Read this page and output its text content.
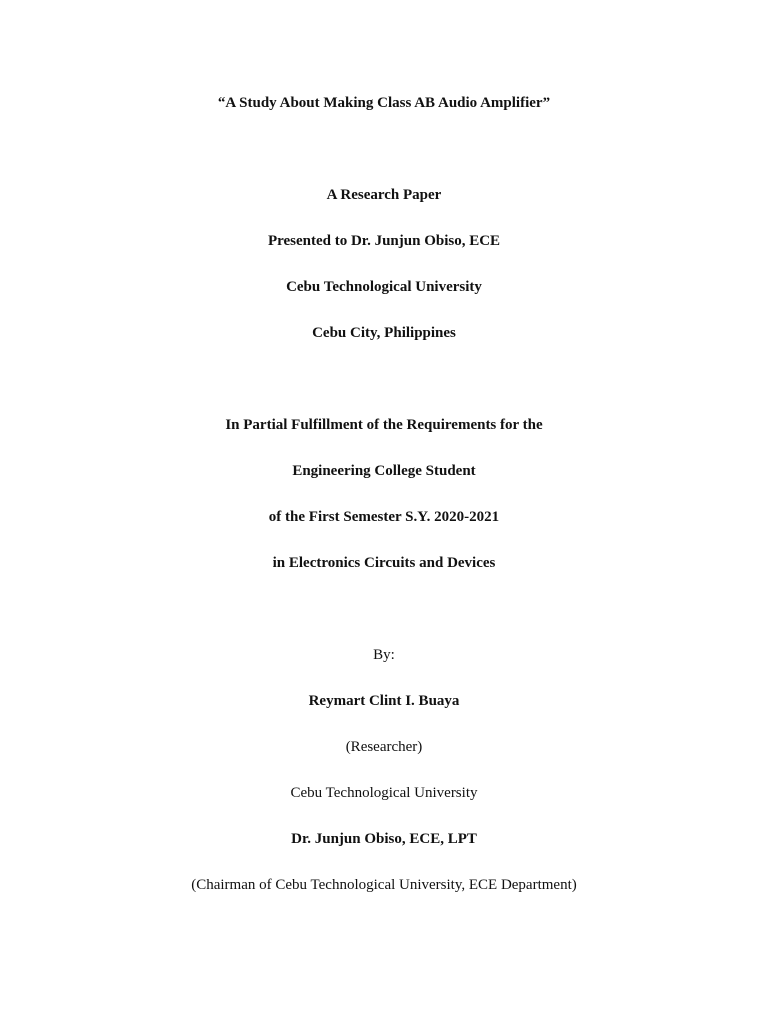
“A Study About Making Class AB Audio Amplifier”
A Research Paper
Presented to Dr. Junjun Obiso, ECE
Cebu Technological University
Cebu City, Philippines
In Partial Fulfillment of the Requirements for the
Engineering College Student
of the First Semester S.Y. 2020-2021
in Electronics Circuits and Devices
By:
Reymart Clint I. Buaya
(Researcher)
Cebu Technological University
Dr. Junjun Obiso, ECE, LPT
(Chairman of Cebu Technological University, ECE Department)
